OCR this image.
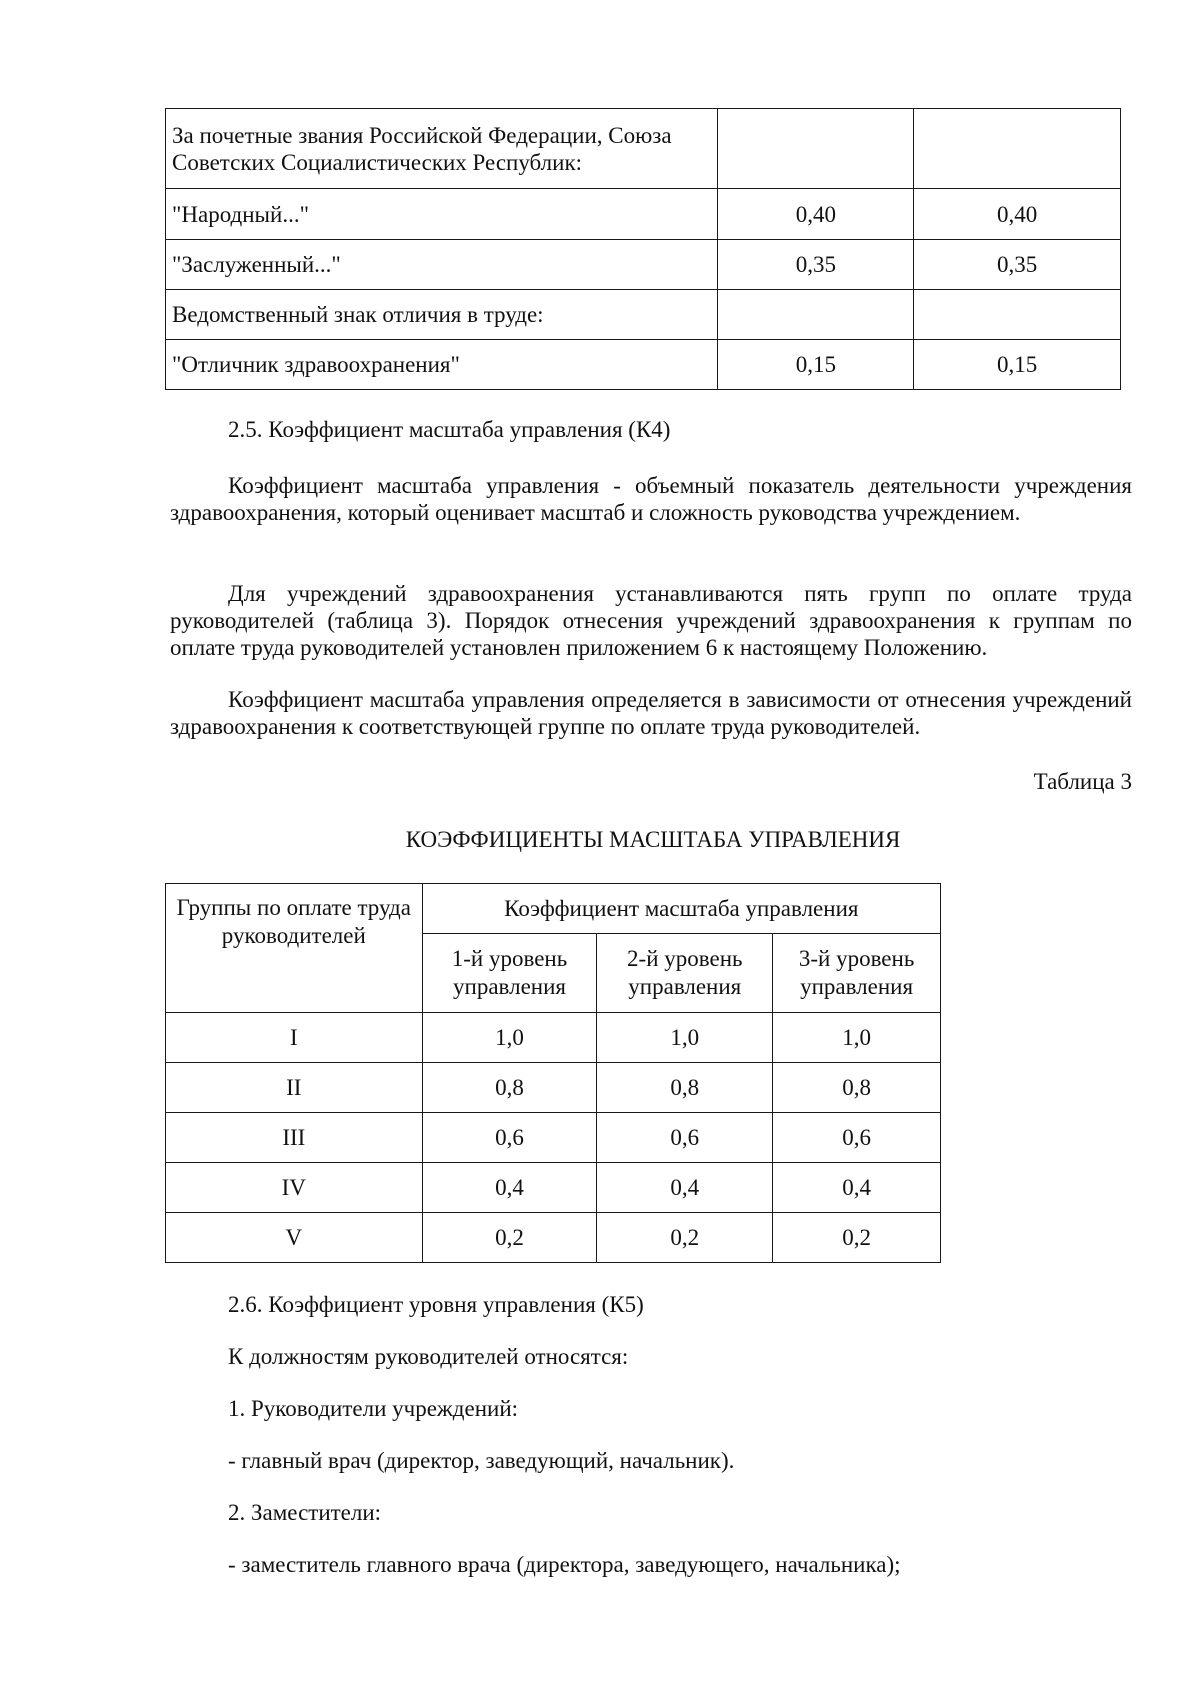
За почетные звания Российской Федерации, Союза Советских Социалистических Республик:		
"Народный..."	0,40	0,40
"Заслуженный..."	0,35	0,35
Ведомственный знак отличия в труде:		
"Отличник здравоохранения"	0,15	0,15
2.5. Коэффициент масштаба управления (К4)
Коэффициент масштаба управления - объемный показатель деятельности учреждения здравоохранения, который оценивает масштаб и сложность руководства учреждением.
Для учреждений здравоохранения устанавливаются пять групп по оплате труда руководителей (таблица 3). Порядок отнесения учреждений здравоохранения к группам по оплате труда руководителей установлен приложением 6 к настоящему Положению.
Коэффициент масштаба управления определяется в зависимости от отнесения учреждений здравоохранения к соответствующей группе по оплате труда руководителей.
Таблица 3
КОЭФФИЦИЕНТЫ МАСШТАБА УПРАВЛЕНИЯ
Группы по оплате труда руководителей	Коэффициент масштаба управления		
	1-й уровень управления	2-й уровень управления	3-й уровень управления
I	1,0	1,0	1,0
II	0,8	0,8	0,8
III	0,6	0,6	0,6
IV	0,4	0,4	0,4
V	0,2	0,2	0,2
2.6. Коэффициент уровня управления (К5)
К должностям руководителей относятся:
1. Руководители учреждений:
- главный врач (директор, заведующий, начальник).
2. Заместители:
- заместитель главного врача (директора, заведующего, начальника);
